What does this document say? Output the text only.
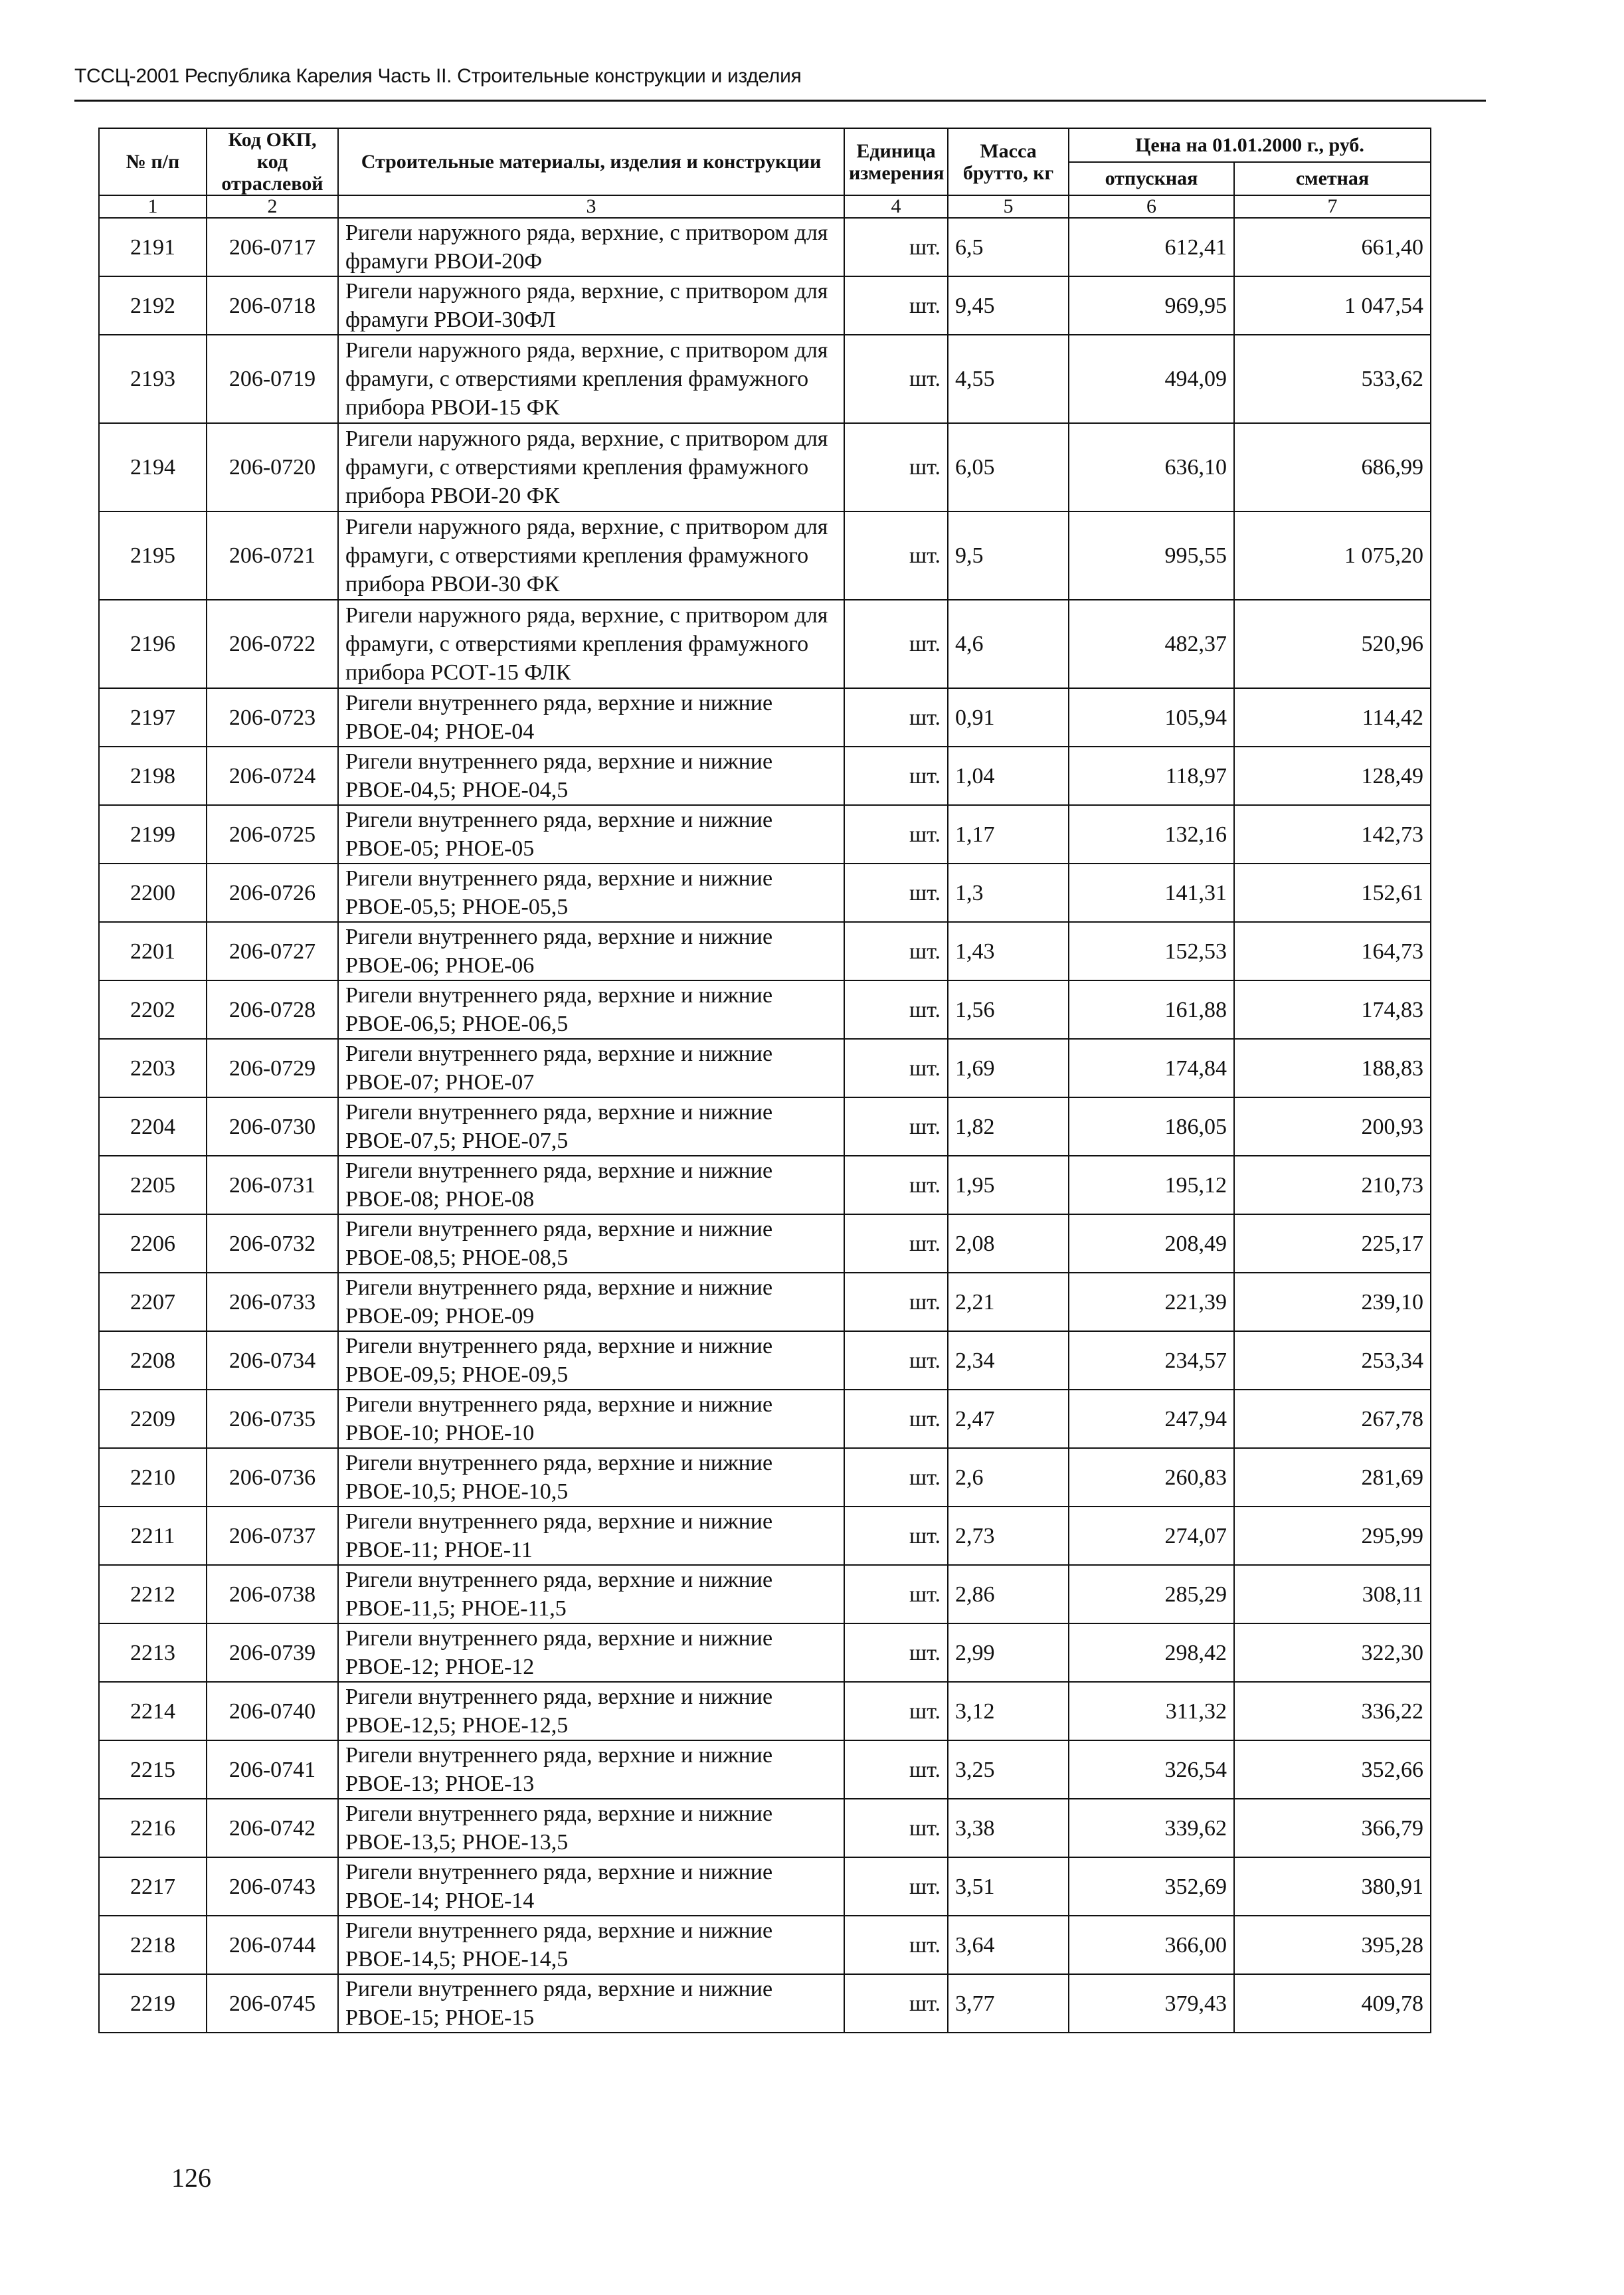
ТССЦ-2001 Республика Карелия Часть II. Строительные конструкции и изделия
№ п/п	Код ОКП, код отраслевой	Строительные материалы, изделия и конструкции	Единица измерения	Масса брутто, кг	Цена на 01.01.2000 г., руб.	
					отпускная	сметная
1	2	3	4	5	6	7
2191	206-0717	Ригели наружного ряда, верхние, с притвором для фрамуги РВОИ-20Ф	шт.	6,5	612,41	661,40
2192	206-0718	Ригели наружного ряда, верхние, с притвором для фрамуги РВОИ-30ФЛ	шт.	9,45	969,95	1 047,54
2193	206-0719	Ригели наружного ряда, верхние, с притвором для фрамуги, с отверстиями крепления фрамужного прибора РВОИ-15 ФК	шт.	4,55	494,09	533,62
2194	206-0720	Ригели наружного ряда, верхние, с притвором для фрамуги, с отверстиями крепления фрамужного прибора РВОИ-20 ФК	шт.	6,05	636,10	686,99
2195	206-0721	Ригели наружного ряда, верхние, с притвором для фрамуги, с отверстиями крепления фрамужного прибора РВОИ-30 ФК	шт.	9,5	995,55	1 075,20
2196	206-0722	Ригели наружного ряда, верхние, с притвором для фрамуги, с отверстиями крепления фрамужного прибора РСОТ-15 ФЛК	шт.	4,6	482,37	520,96
2197	206-0723	Ригели внутреннего ряда, верхние и нижние РВОЕ-04; РНОЕ-04	шт.	0,91	105,94	114,42
2198	206-0724	Ригели внутреннего ряда, верхние и нижние РВОЕ-04,5; РНОЕ-04,5	шт.	1,04	118,97	128,49
2199	206-0725	Ригели внутреннего ряда, верхние и нижние РВОЕ-05; РНОЕ-05	шт.	1,17	132,16	142,73
2200	206-0726	Ригели внутреннего ряда, верхние и нижние РВОЕ-05,5; РНОЕ-05,5	шт.	1,3	141,31	152,61
2201	206-0727	Ригели внутреннего ряда, верхние и нижние РВОЕ-06; РНОЕ-06	шт.	1,43	152,53	164,73
2202	206-0728	Ригели внутреннего ряда, верхние и нижние РВОЕ-06,5; РНОЕ-06,5	шт.	1,56	161,88	174,83
2203	206-0729	Ригели внутреннего ряда, верхние и нижние РВОЕ-07; РНОЕ-07	шт.	1,69	174,84	188,83
2204	206-0730	Ригели внутреннего ряда, верхние и нижние РВОЕ-07,5; РНОЕ-07,5	шт.	1,82	186,05	200,93
2205	206-0731	Ригели внутреннего ряда, верхние и нижние РВОЕ-08; РНОЕ-08	шт.	1,95	195,12	210,73
2206	206-0732	Ригели внутреннего ряда, верхние и нижние РВОЕ-08,5; РНОЕ-08,5	шт.	2,08	208,49	225,17
2207	206-0733	Ригели внутреннего ряда, верхние и нижние РВОЕ-09; РНОЕ-09	шт.	2,21	221,39	239,10
2208	206-0734	Ригели внутреннего ряда, верхние и нижние РВОЕ-09,5; РНОЕ-09,5	шт.	2,34	234,57	253,34
2209	206-0735	Ригели внутреннего ряда, верхние и нижние РВОЕ-10; РНОЕ-10	шт.	2,47	247,94	267,78
2210	206-0736	Ригели внутреннего ряда, верхние и нижние РВОЕ-10,5; РНОЕ-10,5	шт.	2,6	260,83	281,69
2211	206-0737	Ригели внутреннего ряда, верхние и нижние РВОЕ-11; РНОЕ-11	шт.	2,73	274,07	295,99
2212	206-0738	Ригели внутреннего ряда, верхние и нижние РВОЕ-11,5; РНОЕ-11,5	шт.	2,86	285,29	308,11
2213	206-0739	Ригели внутреннего ряда, верхние и нижние РВОЕ-12; РНОЕ-12	шт.	2,99	298,42	322,30
2214	206-0740	Ригели внутреннего ряда, верхние и нижние РВОЕ-12,5; РНОЕ-12,5	шт.	3,12	311,32	336,22
2215	206-0741	Ригели внутреннего ряда, верхние и нижние РВОЕ-13; РНОЕ-13	шт.	3,25	326,54	352,66
2216	206-0742	Ригели внутреннего ряда, верхние и нижние РВОЕ-13,5; РНОЕ-13,5	шт.	3,38	339,62	366,79
2217	206-0743	Ригели внутреннего ряда, верхние и нижние РВОЕ-14; РНОЕ-14	шт.	3,51	352,69	380,91
2218	206-0744	Ригели внутреннего ряда, верхние и нижние РВОЕ-14,5; РНОЕ-14,5	шт.	3,64	366,00	395,28
2219	206-0745	Ригели внутреннего ряда, верхние и нижние РВОЕ-15; РНОЕ-15	шт.	3,77	379,43	409,78
126
